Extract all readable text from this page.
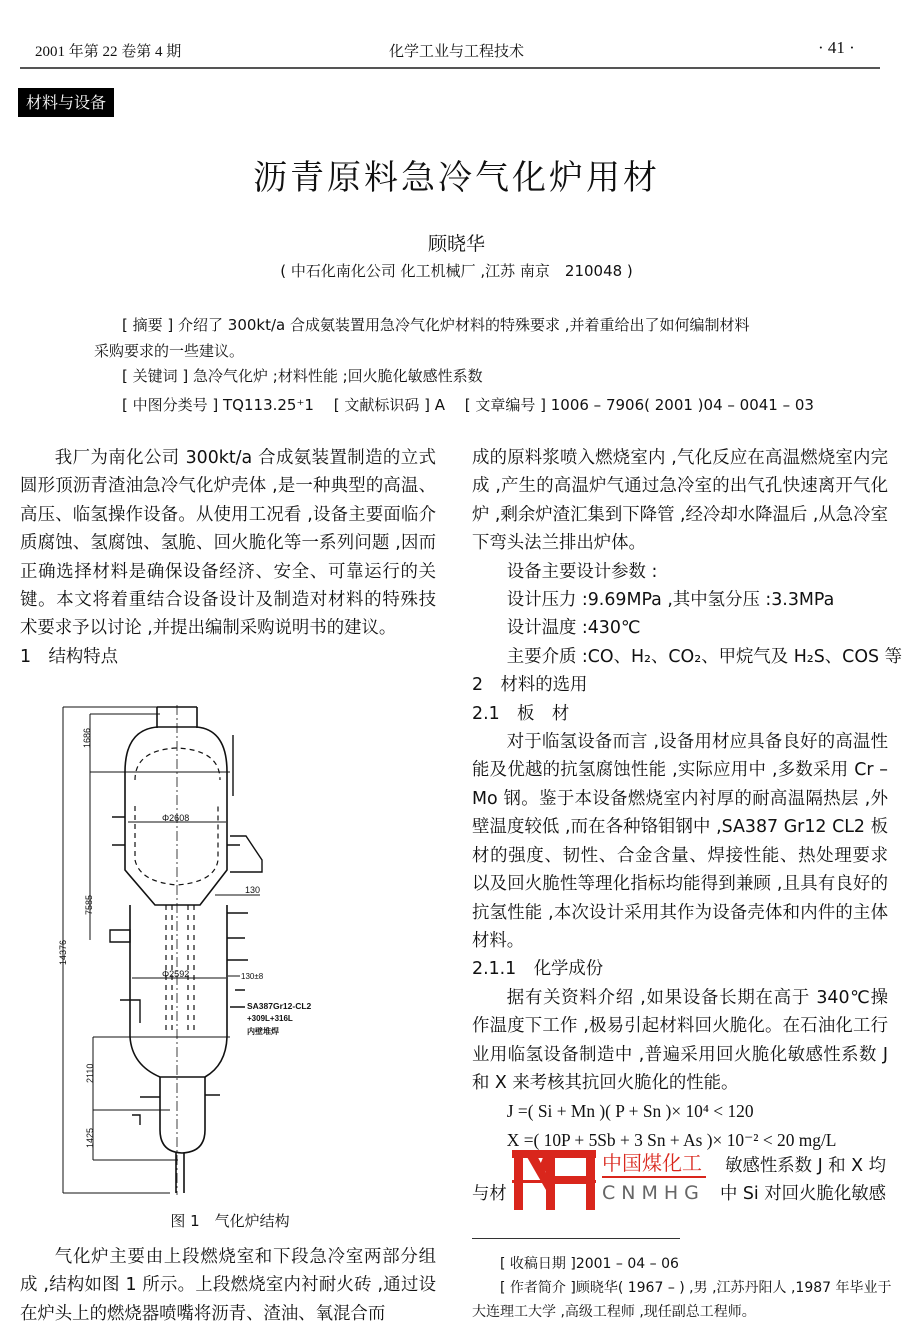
2001 年第 22 卷第 4 期	化学工业与工程技术	· 41 ·
材料与设备
沥青原料急冷气化炉用材
顾晓华
( 中石化南化公司 化工机械厂 ,江苏 南京　210048 )
[ 摘要 ] 介绍了 300kt/a 合成氨装置用急冷气化炉材料的特殊要求 ,并着重给出了如何编制材料
采购要求的一些建议。
[ 关键词 ] 急冷气化炉 ;材料性能 ;回火脆化敏感性系数
[ 中图分类号 ] TQ113.25⁺1　 [ 文献标识码 ] A　 [ 文章编号 ] 1006 – 7906( 2001 )04 – 0041 – 03

我厂为南化公司 300kt/a 合成氨装置制造的立式圆形顶沥青渣油急冷气化炉壳体 ,是一种典型的高温、高压、临氢操作设备。从使用工况看 ,设备主要面临介质腐蚀、氢腐蚀、氢脆、回火脆化等一系列问题 ,因而正确选择材料是确保设备经济、安全、可靠运行的关键。本文将着重结合设备设计及制造对材料的特殊技术要求予以讨论 ,并提出编制采购说明书的建议。

1　结构特点

1686
7585
14376
2110
1425
Φ2608
Φ2592
130
130±8
SA387Gr12-CL2
+309L+316L
内壁堆焊
图 1　气化炉结构

气化炉主要由上段燃烧室和下段急冷室两部分组成 ,结构如图 1 所示。上段燃烧室内衬耐火砖 ,通过设在炉头上的燃烧器喷嘴将沥青、渣油、氧混合而

成的原料浆喷入燃烧室内 ,气化反应在高温燃烧室内完成 ,产生的高温炉气通过急冷室的出气孔快速离开气化炉 ,剩余炉渣汇集到下降管 ,经冷却水降温后 ,从急冷室下弯头法兰排出炉体。

设备主要设计参数 :

设计压力 :9.69MPa ,其中氢分压 :3.3MPa

设计温度 :430℃

主要介质 :CO、H₂、CO₂、甲烷气及 H₂S、COS 等

2　材料的选用

2.1　板　材

对于临氢设备而言 ,设备用材应具备良好的高温性能及优越的抗氢腐蚀性能 ,实际应用中 ,多数采用 Cr – Mo 钢。鉴于本设备燃烧室内衬厚的耐高温隔热层 ,外壁温度较低 ,而在各种铬钼钢中 ,SA387 Gr12 CL2 板材的强度、韧性、合金含量、焊接性能、热处理要求以及回火脆性等理化指标均能得到兼顾 ,且具有良好的抗氢性能 ,本次设计采用其作为设备壳体和内件的主体材料。

2.1.1　化学成份

据有关资料介绍 ,如果设备长期在高于 340℃操作温度下工作 ,极易引起材料回火脆化。在石油化工行业用临氢设备制造中 ,普遍采用回火脆化敏感性系数 J 和 X 来考核其抗回火脆化的性能。

J =( Si + Mn )( P + Sn )× 10⁴ < 120

X =( 10P + 5Sb + 3 Sn + As )× 10⁻² < 20 mg/L

敏感性系数 J 和 X 均
与材	中 Si 对回火脆化敏感
中国煤化工
CNMHG
[ 收稿日期 ]2001 – 04 – 06
[ 作者简介 ]顾晓华( 1967 – ) ,男 ,江苏丹阳人 ,1987 年毕业于
大连理工大学 ,高级工程师 ,现任副总工程师。
